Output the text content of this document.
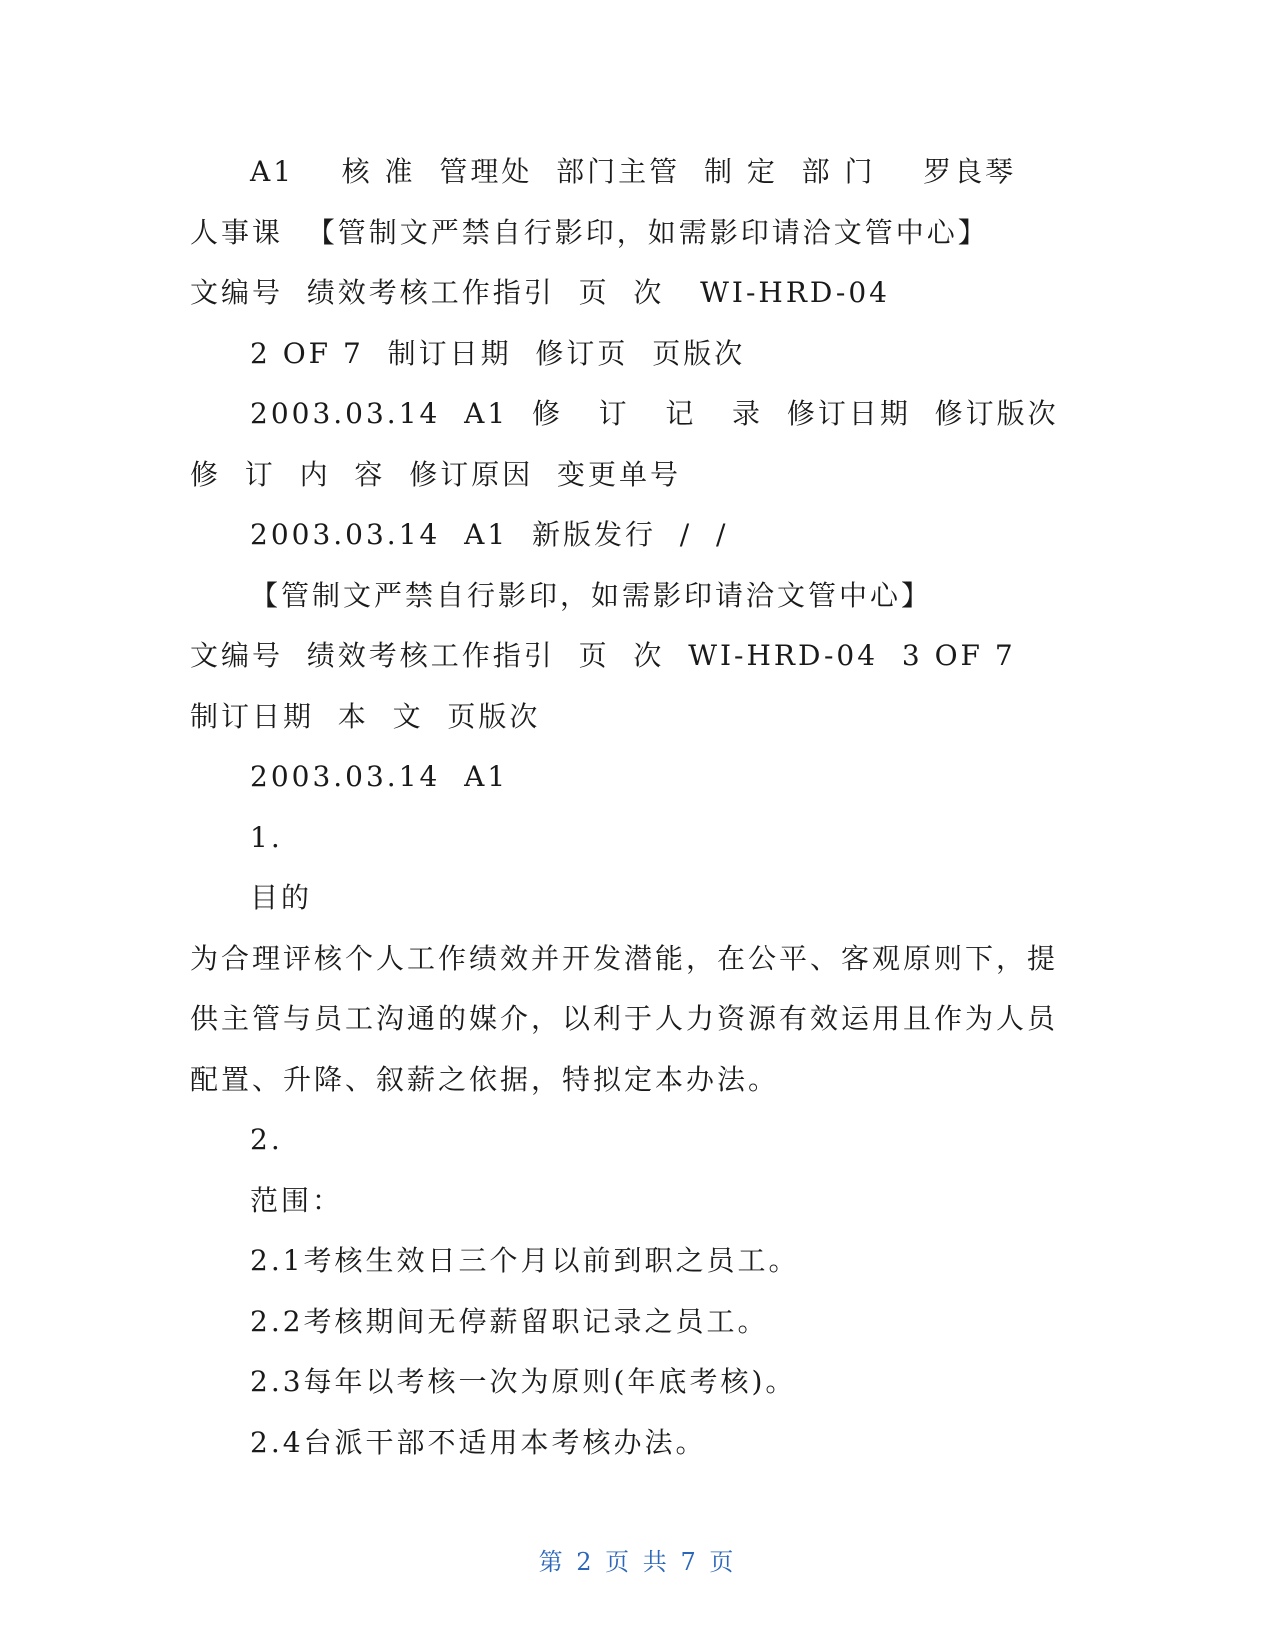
A1    核 准  管理处  部门主管  制 定  部 门    罗良琴
人事课  【管制文严禁自行影印，如需影印请洽文管中心】
文编号  绩效考核工作指引  页  次   WI-HRD-04
2 OF 7  制订日期  修订页  页版次
2003.03.14  A1  修   订   记   录  修订日期  修订版次
修  订  内  容  修订原因  变更单号
2003.03.14  A1  新版发行  /  /
【管制文严禁自行影印，如需影印请洽文管中心】
文编号  绩效考核工作指引  页  次  WI-HRD-04  3 OF 7
制订日期  本  文  页版次
2003.03.14  A1
1.
目的
为合理评核个人工作绩效并开发潜能，在公平、客观原则下，提
供主管与员工沟通的媒介，以利于人力资源有效运用且作为人员
配置、升降、叙薪之依据，特拟定本办法。
2.
范围：
2.1考核生效日三个月以前到职之员工。
2.2考核期间无停薪留职记录之员工。
2.3每年以考核一次为原则(年底考核)。
2.4台派干部不适用本考核办法。
第 2 页 共 7 页
